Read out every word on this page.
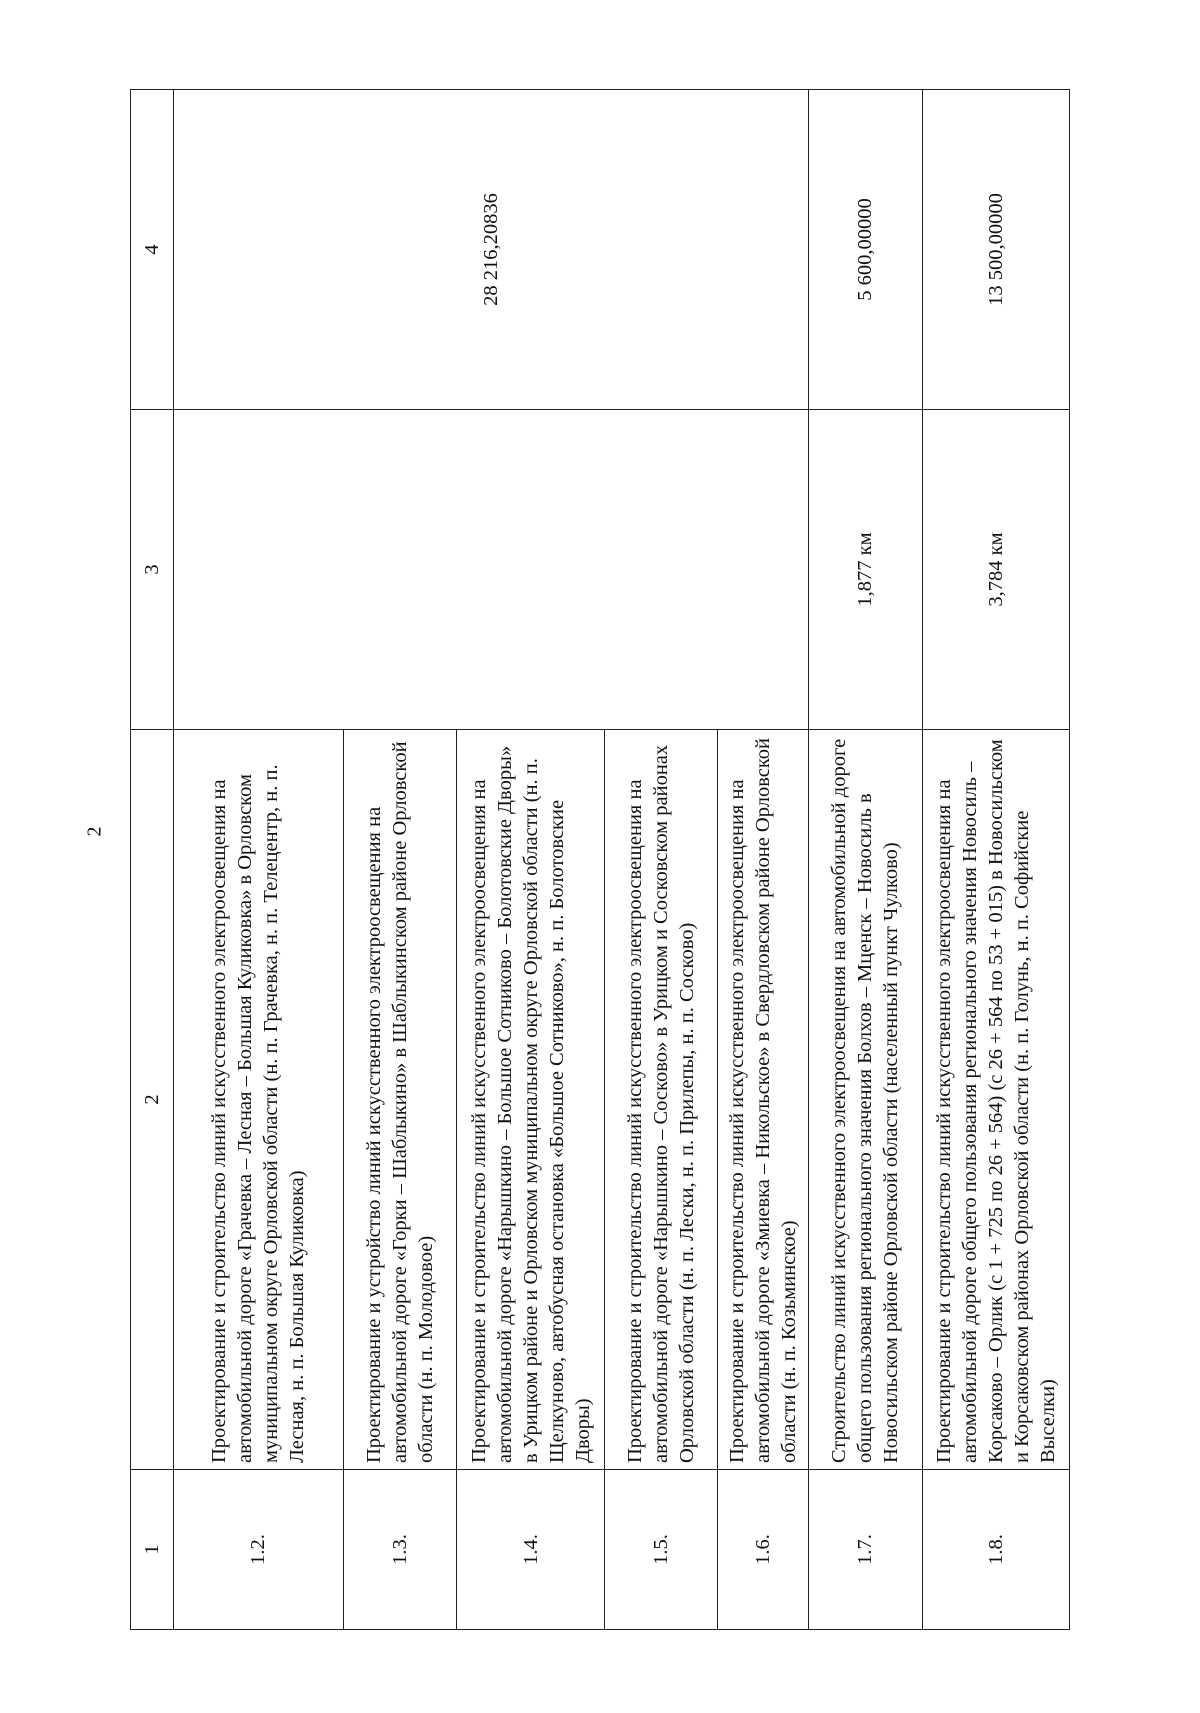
2
1	2	3	4
1.2.	Проектирование и строительство линий искусственного электроосвещения на автомобильной дороге «Грачевка – Лесная – Большая Куликовка» в Орловском муниципальном округе Орловской области (н. п. Грачевка, н. п. Телецентр, н. п. Лесная, н. п. Большая Куликовка)		28 216,20836
1.3.	Проектирование и устройство линий искусственного электроосвещения на автомобильной дороге «Горки – Шаблыкино» в Шаблыкинском районе Орловской области (н. п. Молодовое)		
1.4.	Проектирование и строительство линий искусственного электроосвещения на автомобильной дороге «Нарышкино – Большое Сотниково – Болотовские Дворы» в Урицком районе и Орловском муниципальном округе Орловской области (н. п. Щелкуново, автобусная остановка «Большое Сотниково», н. п. Болотовские Дворы)		
1.5.	Проектирование и строительство линий искусственного электроосвещения на автомобильной дороге «Нарышкино – Сосково» в Урицком и Сосковском районах Орловской области (н. п. Лески, н. п. Прилепы, н. п. Сосково)		
1.6.	Проектирование и строительство линий искусственного электроосвещения на автомобильной дороге «Змиевка – Никольское» в Свердловском районе Орловской области (н. п. Козьминское)		
1.7.	Строительство линий искусственного электроосвещения на автомобильной дороге общего пользования регионального значения Болхов – Мценск – Новосиль в Новосильском районе Орловской области (населенный пункт Чулково)	1,877 км	5 600,00000
1.8.	Проектирование и строительство линий искусственного электроосвещения на автомобильной дороге общего пользования регионального значения Новосиль – Корсаково – Орлик (с 1 + 725 по 26 + 564) (с 26 + 564 по 53 + 015) в Новосильском и Корсаковском районах Орловской области (н. п. Голунь, н. п. Софийские Выселки)	3,784 км	13 500,00000
